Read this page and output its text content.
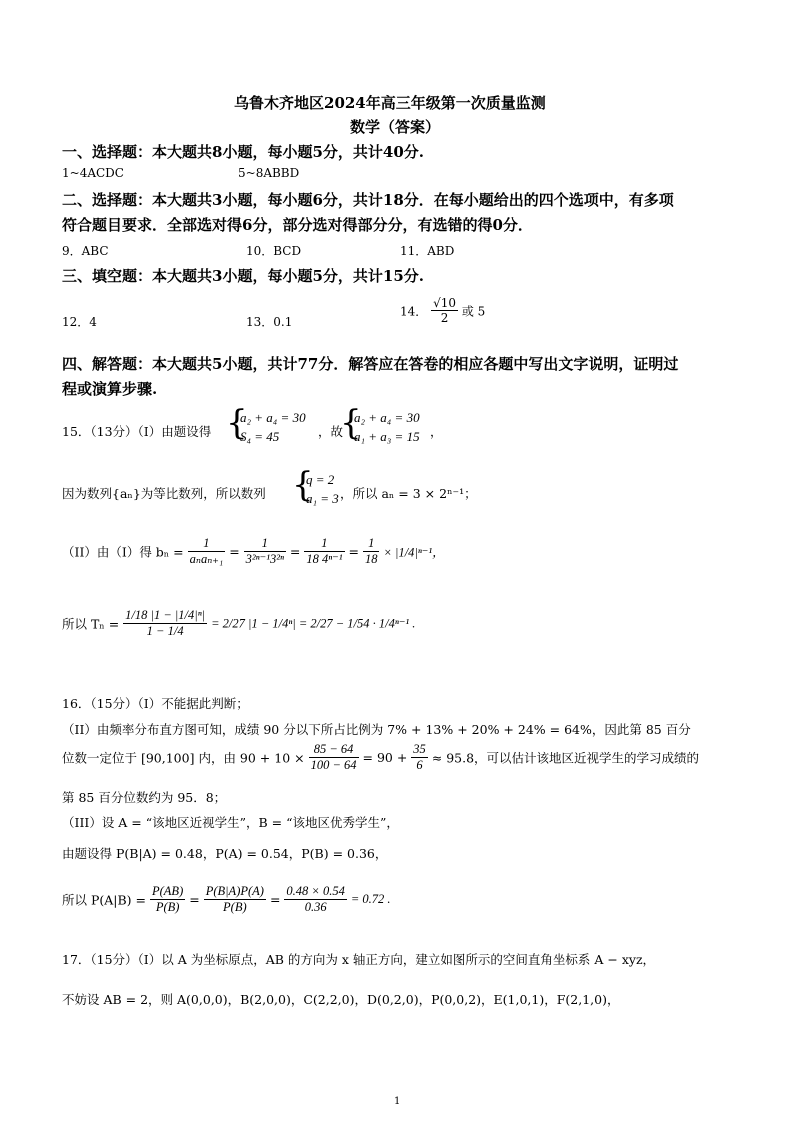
乌鲁木齐地区2024年高三年级第一次质量监测
数学（答案）
一、选择题：本大题共8小题，每小题5分，共计40分.
1~4ACDC	5~8ABBD
二、选择题：本大题共3小题，每小题6分，共计18分．在每小题给出的四个选项中，有多项
符合题目要求．全部选对得6分，部分选对得部分分，有选错的得0分．
9．ABC	10．BCD	11．ABD
三、填空题：本大题共3小题，每小题5分，共计15分.
12．4	13．0.1
14． $\frac{√10}{2}$ 或 5
四、解答题：本大题共5小题，共计77分．解答应在答卷的相应各题中写出文字说明，证明过
程或演算步骤.
15．（13分）（I）由题设得 {
a₂ + a₄ = 30
S₄ = 45	，故
{
a₂ + a₄ = 30
a₁ + a₃ = 15 ，
因为数列{aₙ}为等比数列，所以数列 {
q = 2
a₁ = 3 ，所以 aₙ = 3 × 2ⁿ⁻¹；
（II）由（I）得 $b_n = \frac{1}{\text{aₙaₙ₊₁}} = \frac{1}{\text{3²ⁿ⁻¹3²ⁿ}} = \frac{1}{\text{18 4ⁿ⁻¹}} = \frac{1}{18} \times |1/4|^{n-1}$，
所以 $T_n = \frac{\text{1/18 |1 − |1/4|ⁿ|}}{1 - 1/4} = 2/27$ |1 − 1/4ⁿ| = 2/27 − 1/54 · 1/4ⁿ⁻¹ .
16．（15分）（I）不能据此判断；
（II）由频率分布直方图可知，成绩 90 分以下所占比例为 7% + 13% + 20% + 24% = 64%，因此第 85 百分
位数一定位于 [90,100] 内，由 $90 + 10 \times \frac{85 - 64}{100 - 64} = 90 + \frac{35}{6} \approx 95.8$，可以估计该地区近视学生的学习成绩的
第 85 百分位数约为 95．8；
（III）设 A = “该地区近视学生”，B = “该地区优秀学生”，
由题设得 P(B|A) = 0.48，P(A) = 0.54，P(B) = 0.36，
所以 $P(A|B) = \frac{P(AB)}{P(B)} = \frac{P(B|A)P(A)}{P(B)} = \frac{0.48 \times 0.54}{0.36} = 0.72$ .
17．（15分）（I）以 A 为坐标原点，AB 的方向为 x 轴正方向，建立如图所示的空间直角坐标系 A − xyz，
不妨设 AB = 2，则 A(0,0,0)，B(2,0,0)，C(2,2,0)，D(0,2,0)，P(0,0,2)，E(1,0,1)，F(2,1,0)，
1
